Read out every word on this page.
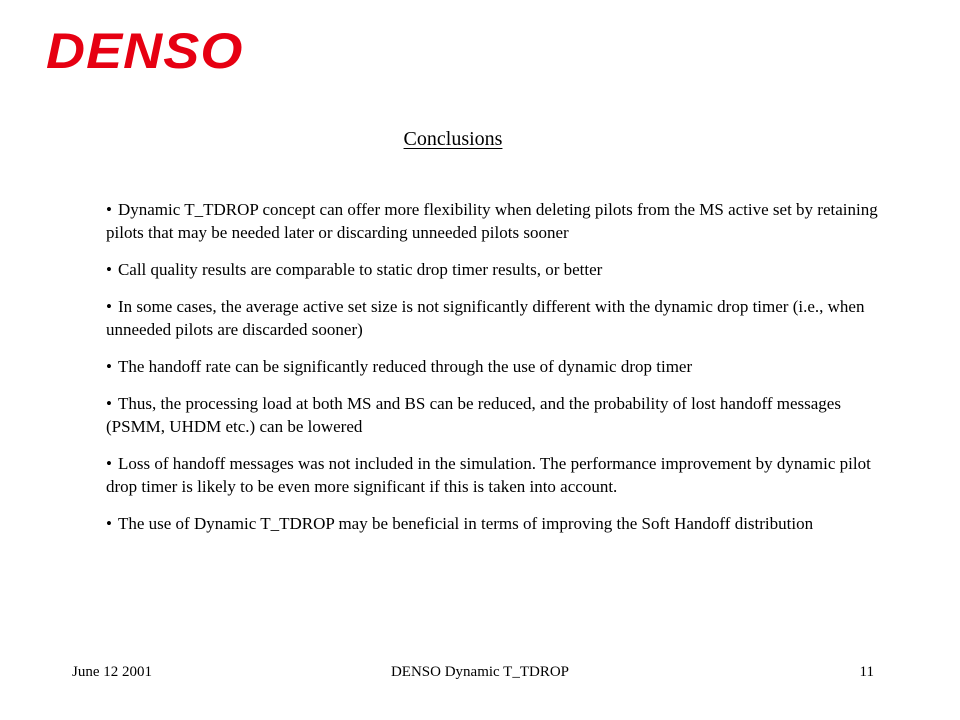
DENSO
Conclusions
• Dynamic T_TDROP concept can offer more flexibility when deleting pilots from the MS active set by retaining pilots that may be needed later or discarding unneeded pilots sooner
• Call quality results are comparable to static drop timer results, or better
• In some cases, the average active set size is not significantly different with the dynamic drop timer (i.e., when unneeded pilots are discarded sooner)
• The handoff rate can be significantly reduced through the use of dynamic drop timer
• Thus, the processing load at both MS and BS can be reduced, and the probability of lost handoff messages (PSMM, UHDM etc.) can be lowered
• Loss of handoff messages was not included in the simulation. The performance improvement by dynamic pilot drop timer is likely to be even more significant if this is taken into account.
• The use of Dynamic T_TDROP may be beneficial in terms of improving the Soft Handoff distribution
June 12 2001	DENSO Dynamic T_TDROP	11
